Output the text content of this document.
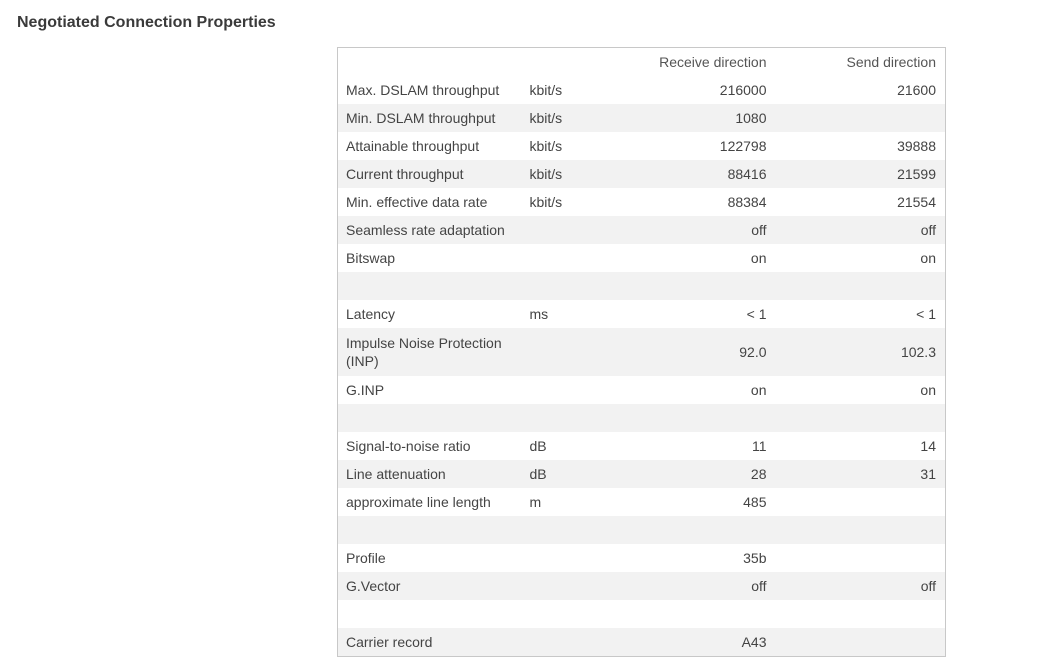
Negotiated Connection Properties
		Receive direction	Send direction
Max. DSLAM throughput	kbit/s	216000	21600
Min. DSLAM throughput	kbit/s	1080	
Attainable throughput	kbit/s	122798	39888
Current throughput	kbit/s	88416	21599
Min. effective data rate	kbit/s	88384	21554
Seamless rate adaptation		off	off
Bitswap		on	on

Latency	ms	< 1	< 1
Impulse Noise Protection (INP)		92.0	102.3
G.INP		on	on

Signal-to-noise ratio	dB	11	14
Line attenuation	dB	28	31
approximate line length	m	485	

Profile		35b	
G.Vector		off	off

Carrier record		A43	
